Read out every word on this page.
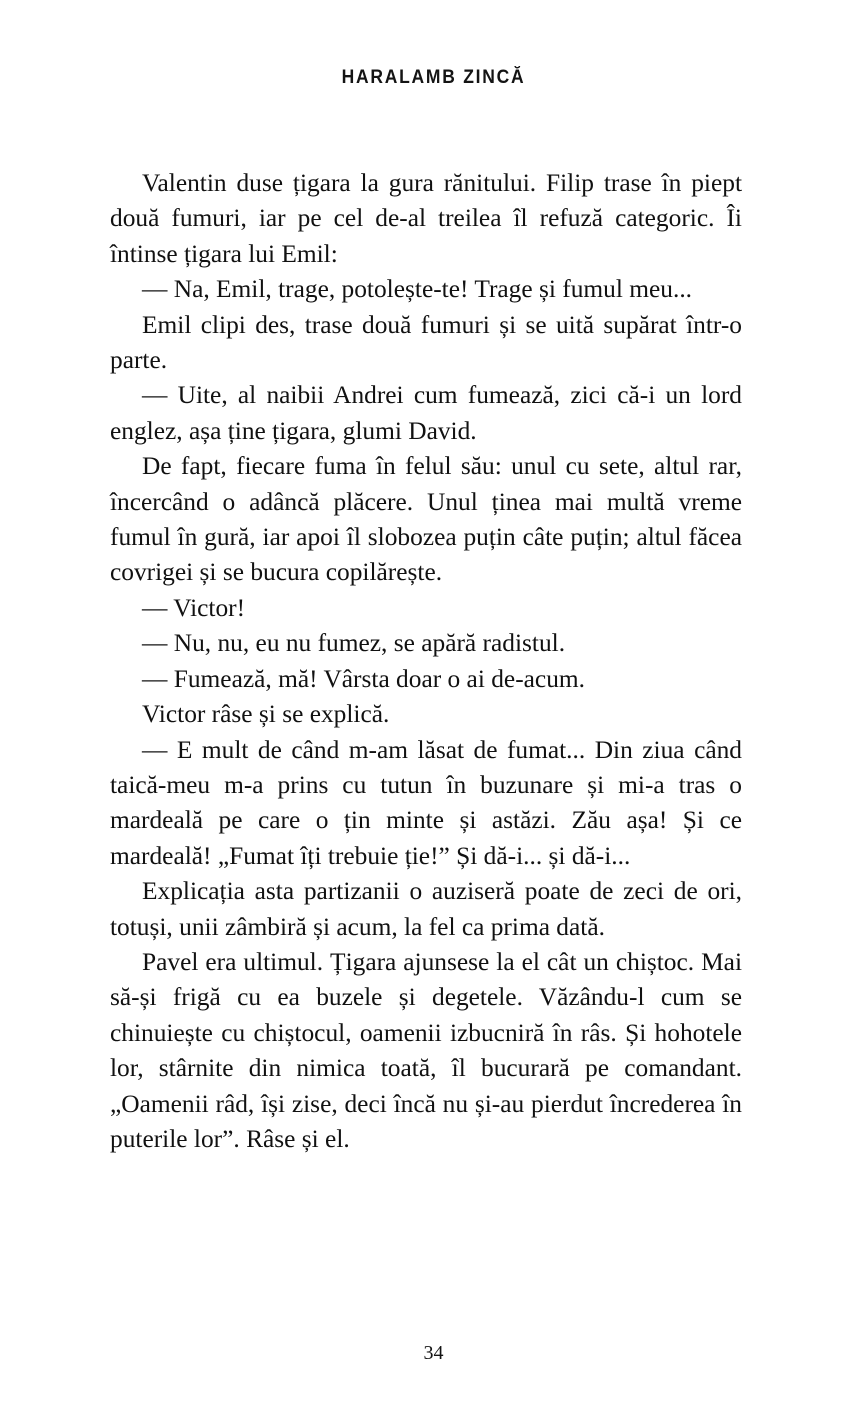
HARALAMB ZINCĂ

Valentin duse țigara la gura rănitului. Filip trase în piept două fumuri, iar pe cel de-al treilea îl refuză categoric. Îi întinse țigara lui Emil:

— Na, Emil, trage, potolește-te! Trage și fumul meu...

Emil clipi des, trase două fumuri și se uită supărat într-o parte.

— Uite, al naibii Andrei cum fumează, zici că-i un lord englez, așa ține țigara, glumi David.

De fapt, fiecare fuma în felul său: unul cu sete, altul rar, încercând o adâncă plăcere. Unul ținea mai multă vreme fumul în gură, iar apoi îl slobozea puțin câte puțin; altul făcea covrigei și se bucura copilărește.

— Victor!

— Nu, nu, eu nu fumez, se apără radistul.

— Fumează, mă! Vârsta doar o ai de-acum.

Victor râse și se explică.

— E mult de când m-am lăsat de fumat... Din ziua când taică-meu m-a prins cu tutun în buzunare și mi-a tras o mardeală pe care o țin minte și astăzi. Zău așa! Și ce mardeală! „Fumat îți trebuie ție!” Și dă-i... și dă-i...

Explicația asta partizanii o auziseră poate de zeci de ori, totuși, unii zâmbiră și acum, la fel ca prima dată.

Pavel era ultimul. Țigara ajunsese la el cât un chiștoc. Mai să-și frigă cu ea buzele și degetele. Văzându-l cum se chinuiește cu chiștocul, oamenii izbucniră în râs. Și hohotele lor, stârnite din nimica toată, îl bucurară pe comandant. „Oamenii râd, își zise, deci încă nu și-au pierdut încrederea în puterile lor”. Râse și el.

34
